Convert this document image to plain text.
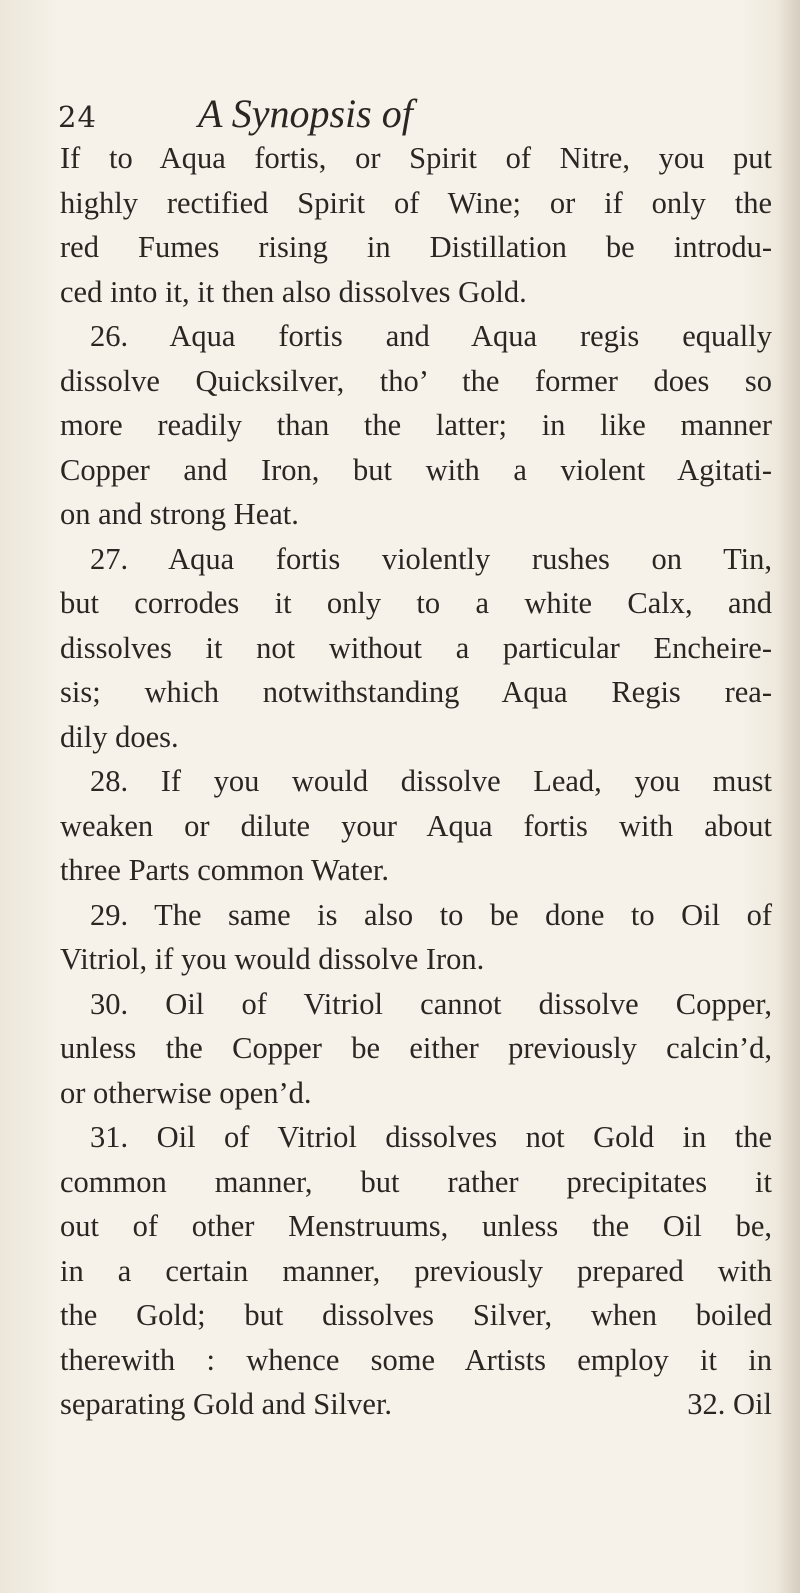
24	A Synopsis of
If to Aqua fortis, or Spirit of Nitre, you put
highly rectified Spirit of Wine; or if only the
red Fumes rising in Distillation be introdu-
ced into it, it then also dissolves Gold.
26. Aqua fortis and Aqua regis equally
dissolve Quicksilver, tho’ the former does so
more readily than the latter; in like manner
Copper and Iron, but with a violent Agitati-
on and strong Heat.
27. Aqua fortis violently rushes on Tin,
but corrodes it only to a white Calx, and
dissolves it not without a particular Encheire-
sis; which notwithstanding Aqua Regis rea-
dily does.
28. If you would dissolve Lead, you must
weaken or dilute your Aqua fortis with about
three Parts common Water.
29. The same is also to be done to Oil of
Vitriol, if you would dissolve Iron.
30. Oil of Vitriol cannot dissolve Copper,
unless the Copper be either previously calcin’d,
or otherwise open’d.
31. Oil of Vitriol dissolves not Gold in the
common manner, but rather precipitates it
out of other Menstruums, unless the Oil be,
in a certain manner, previously prepared with
the Gold; but dissolves Silver, when boiled
therewith : whence some Artists employ it in
separating Gold and Silver.	32. Oil
